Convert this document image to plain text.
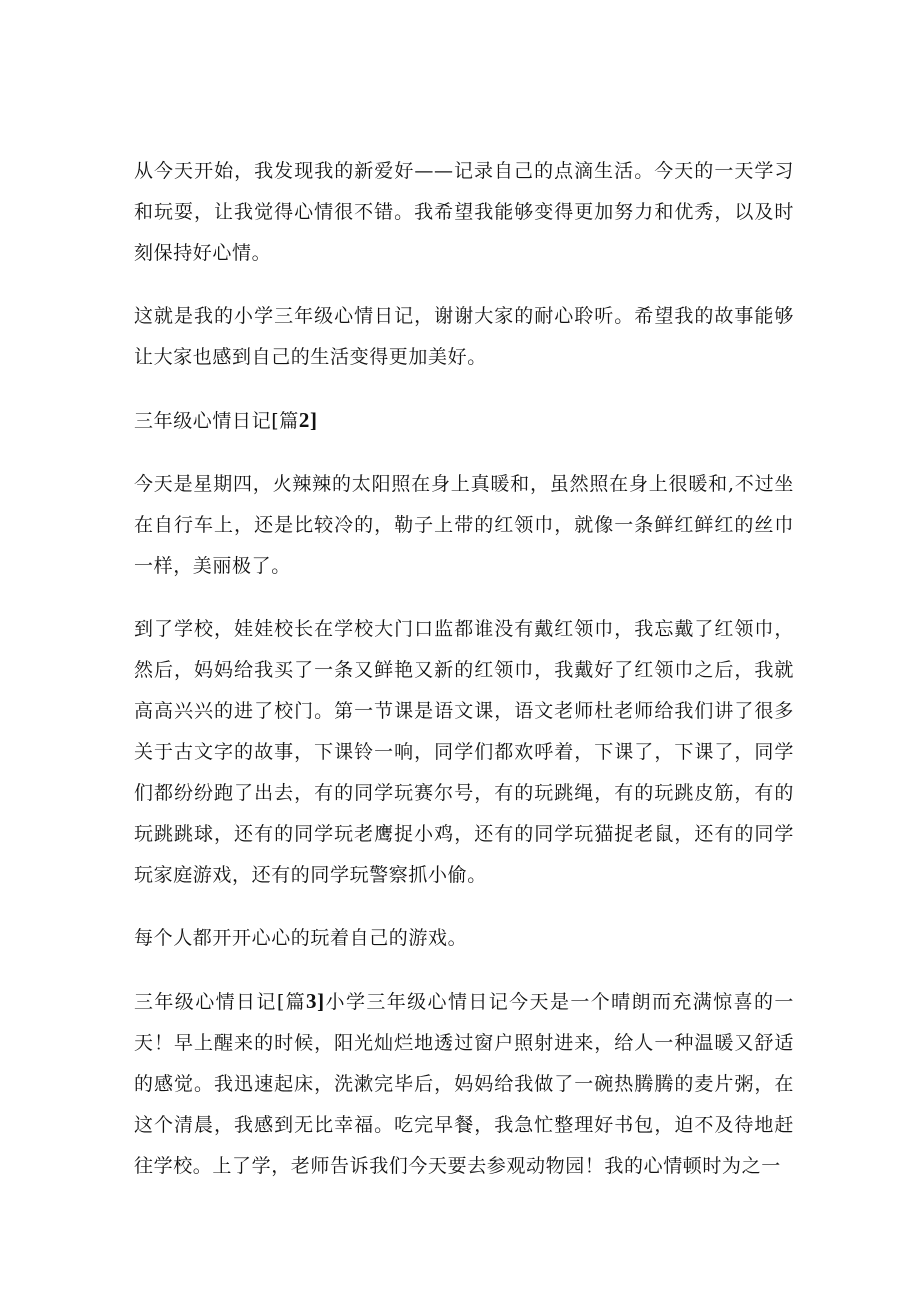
从今天开始，我发现我的新爱好——记录自己的点滴生活。今天的一天学习和玩耍，让我觉得心情很不错。我希望我能够变得更加努力和优秀，以及时刻保持好心情。

这就是我的小学三年级心情日记，谢谢大家的耐心聆听。希望我的故事能够让大家也感到自己的生活变得更加美好。

三年级心情日记[篇2]

今天是星期四，火辣辣的太阳照在身上真暖和，虽然照在身上很暖和,不过坐在自行车上，还是比较冷的，勒子上带的红领巾，就像一条鲜红鲜红的丝巾一样，美丽极了。

到了学校，娃娃校长在学校大门口监都谁没有戴红领巾，我忘戴了红领巾，然后，妈妈给我买了一条又鲜艳又新的红领巾，我戴好了红领巾之后，我就高高兴兴的进了校门。第一节课是语文课，语文老师杜老师给我们讲了很多关于古文字的故事，下课铃一响，同学们都欢呼着，下课了，下课了，同学们都纷纷跑了出去，有的同学玩赛尔号，有的玩跳绳，有的玩跳皮筋，有的玩跳跳球，还有的同学玩老鹰捉小鸡，还有的同学玩猫捉老鼠，还有的同学玩家庭游戏，还有的同学玩警察抓小偷。

每个人都开开心心的玩着自己的游戏。

三年级心情日记[篇3]小学三年级心情日记今天是一个晴朗而充满惊喜的一天！早上醒来的时候，阳光灿烂地透过窗户照射进来，给人一种温暖又舒适的感觉。我迅速起床，洗漱完毕后，妈妈给我做了一碗热腾腾的麦片粥，在这个清晨，我感到无比幸福。吃完早餐，我急忙整理好书包，迫不及待地赶往学校。上了学，老师告诉我们今天要去参观动物园！我的心情顿时为之一
